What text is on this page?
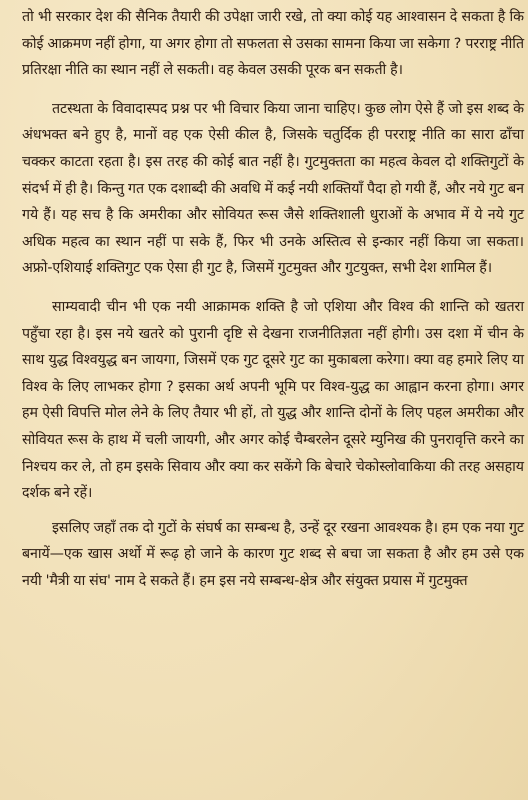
तो भी सरकार देश की सैनिक तैयारी की उपेक्षा जारी रखे, तो क्या कोई यह आश्वासन दे सकता है कि कोई आक्रमण नहीं होगा, या अगर होगा तो सफलता से उसका सामना किया जा सकेगा ? परराष्ट्र नीति प्रतिरक्षा नीति का स्थान नहीं ले सकती। वह केवल उसकी पूरक बन सकती है।

तटस्थता के विवादास्पद प्रश्न पर भी विचार किया जाना चाहिए। कुछ लोग ऐसे हैं जो इस शब्द के अंधभक्त बने हुए है, मानों वह एक ऐसी कील है, जिसके चतुर्दिक ही परराष्ट्र नीति का सारा ढाँचा चक्कर काटता रहता है। इस तरह की कोई बात नहीं है। गुटमुक्तता का महत्व केवल दो शक्तिगुटों के संदर्भ में ही है। किन्तु गत एक दशाब्दी की अवधि में कई नयी शक्तियाँ पैदा हो गयी हैं, और नये गुट बन गये हैं। यह सच है कि अमरीका और सोवियत रूस जैसे शक्तिशाली धुराओं के अभाव में ये नये गुट अधिक महत्व का स्थान नहीं पा सके हैं, फिर भी उनके अस्तित्व से इन्कार नहीं किया जा सकता। अफ्रो-एशियाई शक्तिगुट एक ऐसा ही गुट है, जिसमें गुटमुक्त और गुटयुक्त, सभी देश शामिल हैं।

साम्यवादी चीन भी एक नयी आक्रामक शक्ति है जो एशिया और विश्व की शान्ति को खतरा पहुँचा रहा है। इस नये खतरे को पुरानी दृष्टि से देखना राजनीतिज्ञता नहीं होगी। उस दशा में चीन के साथ युद्ध विश्वयुद्ध बन जायगा, जिसमें एक गुट दूसरे गुट का मुकाबला करेगा। क्या वह हमारे लिए या विश्व के लिए लाभकर होगा ? इसका अर्थ अपनी भूमि पर विश्व-युद्ध का आह्वान करना होगा। अगर हम ऐसी विपत्ति मोल लेने के लिए तैयार भी हों, तो युद्ध और शान्ति दोनों के लिए पहल अमरीका और सोवियत रूस के हाथ में चली जायगी, और अगर कोई चैम्बरलेन दूसरे म्युनिख की पुनरावृत्ति करने का निश्चय कर ले, तो हम इसके सिवाय और क्या कर सकेंगे कि बेचारे चेकोस्लोवाकिया की तरह असहाय दर्शक बने रहें।

इसलिए जहाँ तक दो गुटों के संघर्ष का सम्बन्ध है, उन्हें दूर रखना आवश्यक है। हम एक नया गुट बनायें—एक खास अर्थो में रूढ़ हो जाने के कारण गुट शब्द से बचा जा सकता है और हम उसे एक नयी 'मैत्री या संघ' नाम दे सकते हैं। हम इस नये सम्बन्ध-क्षेत्र और संयुक्त प्रयास में गुटमुक्त
